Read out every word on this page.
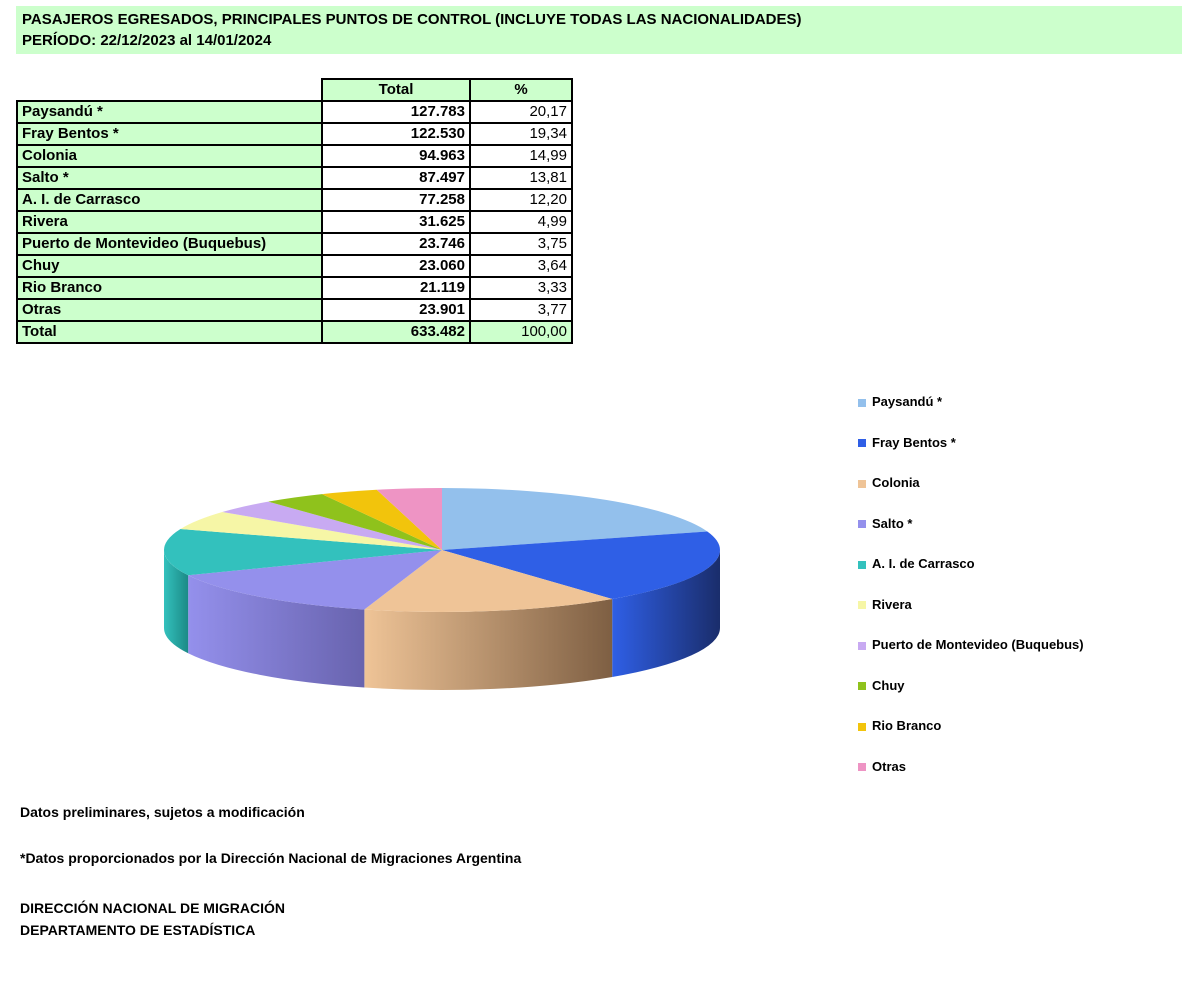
PASAJEROS EGRESADOS, PRINCIPALES PUNTOS DE CONTROL (INCLUYE TODAS LAS NACIONALIDADES)
PERÍODO: 22/12/2023 al 14/01/2024
	Total	%
Paysandú *	127.783	20,17
Fray Bentos *	122.530	19,34
Colonia	94.963	14,99
Salto *	87.497	13,81
A. I. de Carrasco	77.258	12,20
Rivera	31.625	4,99
Puerto de Montevideo (Buquebus)	23.746	3,75
Chuy	23.060	3,64
Rio Branco	21.119	3,33
Otras	23.901	3,77
Total	633.482	100,00
Paysandú *
Fray Bentos *
Colonia
Salto *
A. I. de Carrasco
Rivera
Puerto de Montevideo (Buquebus)
Chuy
Rio Branco
Otras
Datos preliminares, sujetos a modificación
*Datos proporcionados por la Dirección Nacional de Migraciones Argentina
DIRECCIÓN NACIONAL DE MIGRACIÓN
DEPARTAMENTO DE ESTADÍSTICA
